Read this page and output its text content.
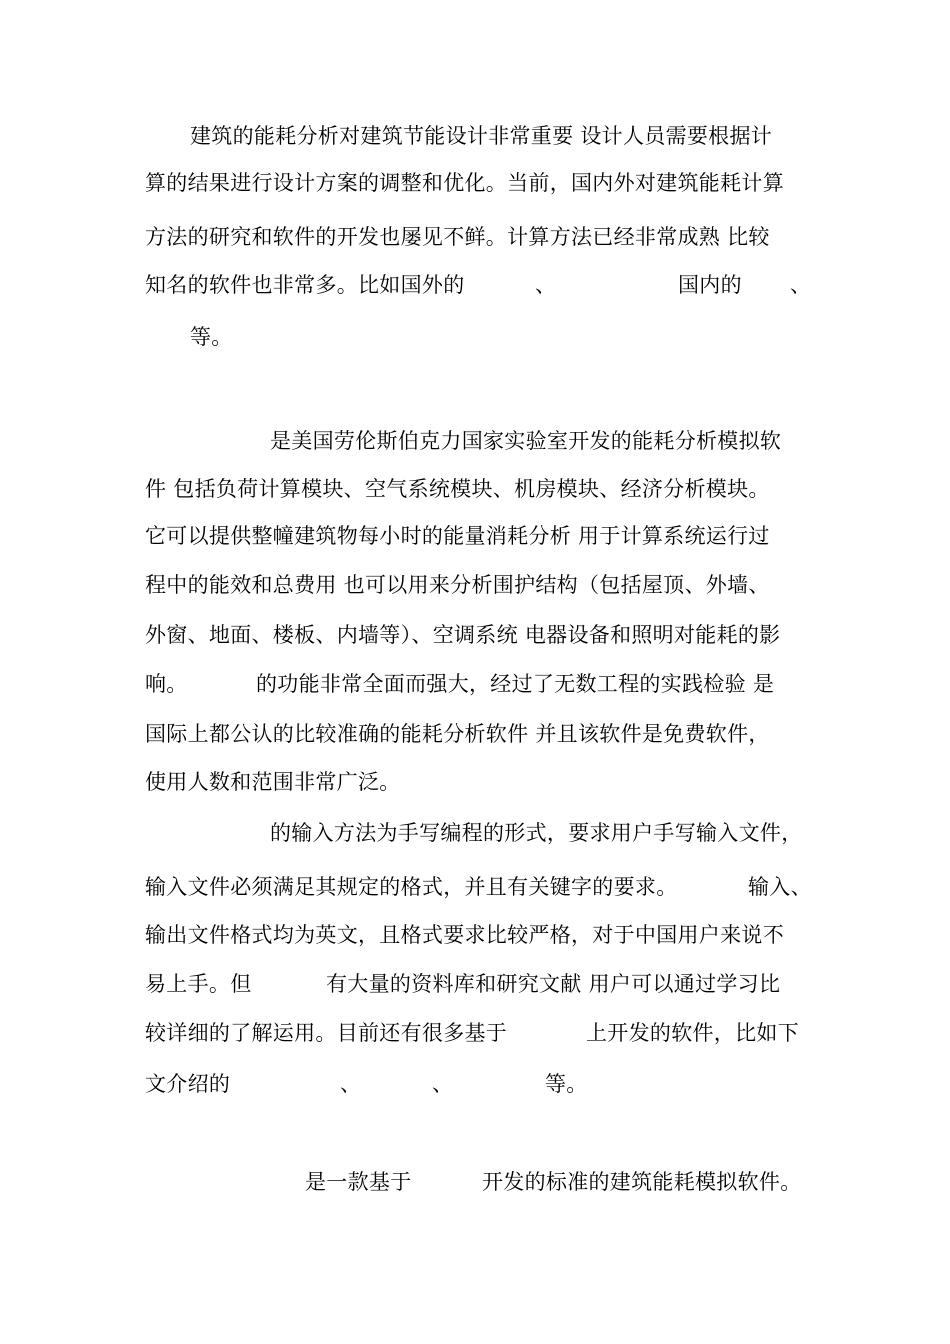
建筑的能耗分析对建筑节能设计非常重要 设计人员需要根据计
算的结果进行设计方案的调整和优化。当前，国内外对建筑能耗计算
方法的研究和软件的开发也屡见不鲜。计算方法已经非常成熟 比较
知名的软件也非常多。比如国外的	、	国内的 、
等。
是美国劳伦斯伯克力国家实验室开发的能耗分析模拟软
件 包括负荷计算模块、空气系统模块、机房模块、经济分析模块。
它可以提供整幢建筑物每小时的能量消耗分析 用于计算系统运行过
程中的能效和总费用 也可以用来分析围护结构（包括屋顶、外墙、
外窗、地面、楼板、内墙等）、空调系统 电器设备和照明对能耗的影
响。	的功能非常全面而强大，经过了无数工程的实践检验 是
国际上都公认的比较准确的能耗分析软件 并且该软件是免费软件，
使用人数和范围非常广泛。
的输入方法为手写编程的形式，要求用户手写输入文件，
输入文件必须满足其规定的格式，并且有关键字的要求。	输入、
输出文件格式均为英文，且格式要求比较严格，对于中国用户来说不
易上手。但	有大量的资料库和研究文献 用户可以通过学习比
较详细的了解运用。目前还有很多基于	上开发的软件，比如下
文介绍的	、	、	等。
是一款基于	开发的标准的建筑能耗模拟软件。
